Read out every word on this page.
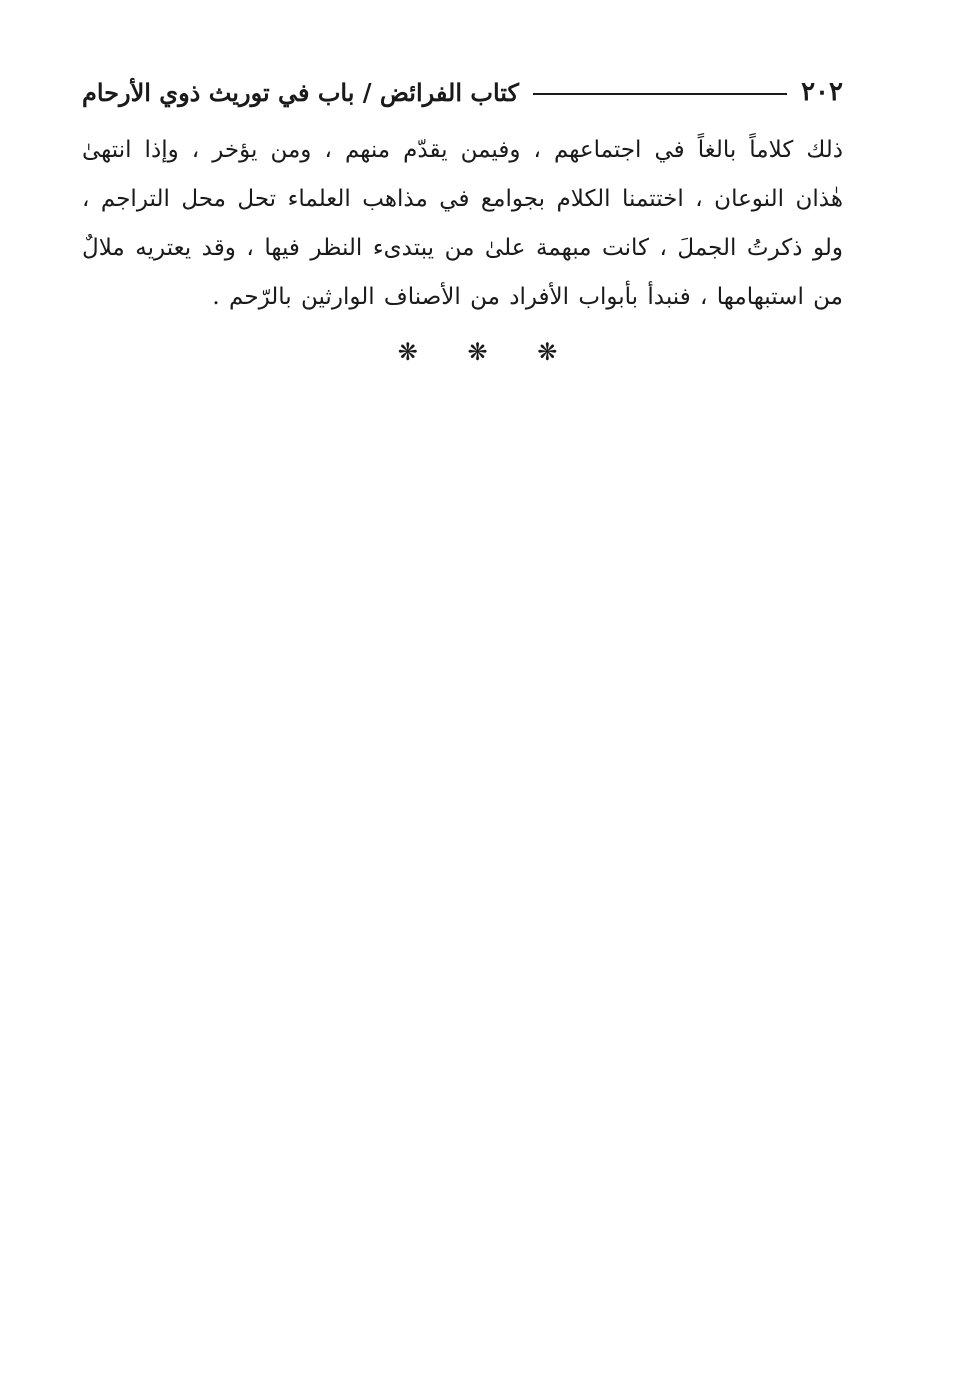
٢٠٢
كتاب الفرائض / باب في توريث ذوي الأرحام

ذلك كلاماً بالغاً في اجتماعهم ، وفيمن يقدّم منهم ، ومن يؤخر ، وإذا انتهىٰ هٰذان النوعان ، اختتمنا الكلام بجوامع في مذاهب العلماء تحل محل التراجم ، ولو ذكرتُ الجملَ ، كانت مبهمة علىٰ من يبتدىء النظر فيها ، وقد يعتريه ملالٌ من استبهامها ، فنبدأ بأبواب الأفراد من الأصناف الوارثين بالرّحم .

❋ ❋ ❋
